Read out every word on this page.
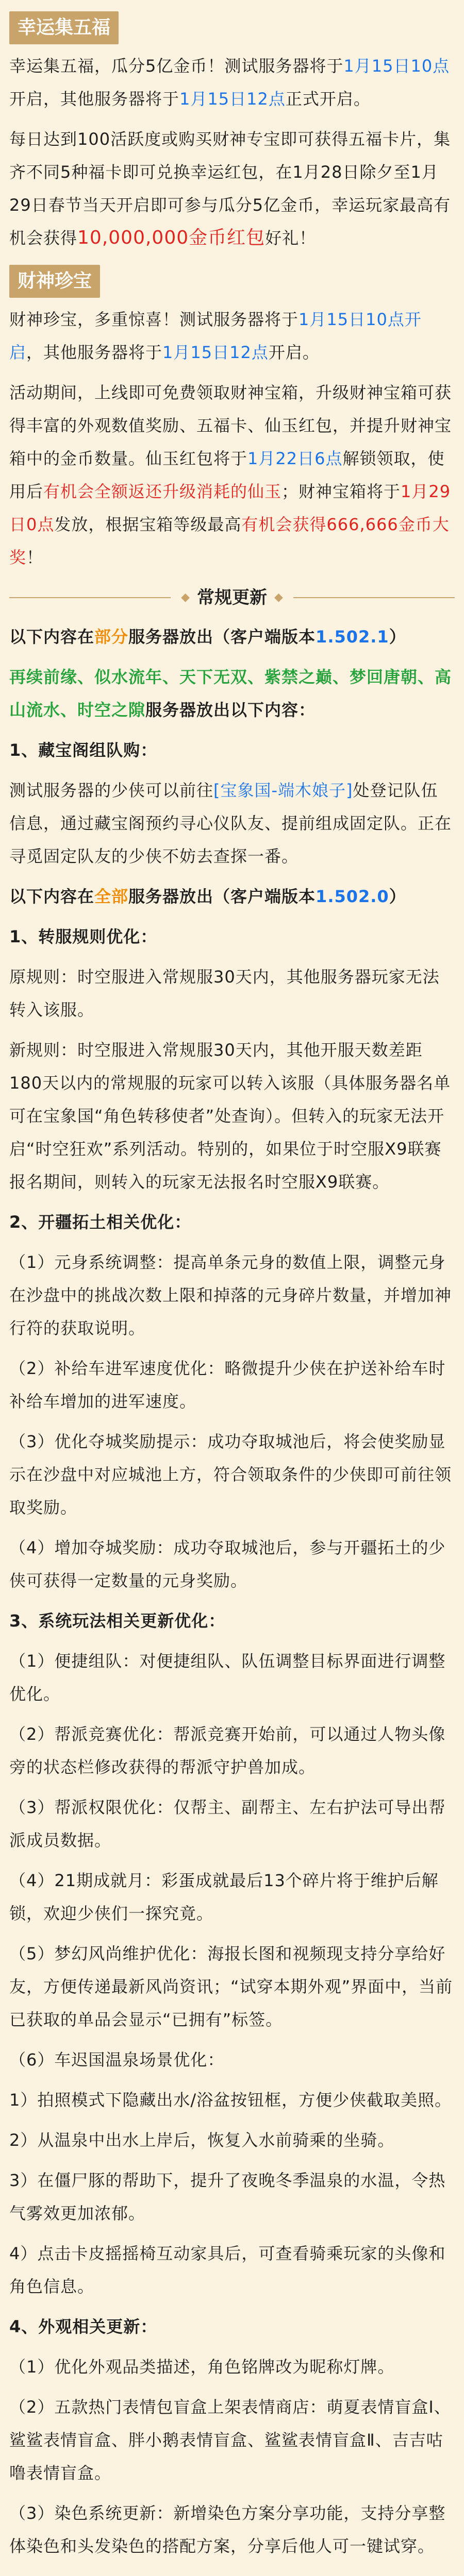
幸运集五福

幸运集五福，瓜分5亿金币！测试服务器将于1月15日10点开启，其他服务器将于1月15日12点正式开启。

每日达到100活跃度或购买财神专宝即可获得五福卡片，集齐不同5种福卡即可兑换幸运红包，在1月28日除夕至1月29日春节当天开启即可参与瓜分5亿金币，幸运玩家最高有机会获得10,000,000金币红包好礼！

财神珍宝

财神珍宝，多重惊喜！测试服务器将于1月15日10点开启，其他服务器将于1月15日12点开启。

活动期间，上线即可免费领取财神宝箱，升级财神宝箱可获得丰富的外观数值奖励、五福卡、仙玉红包，并提升财神宝箱中的金币数量。仙玉红包将于1月22日6点解锁领取，使用后有机会全额返还升级消耗的仙玉；财神宝箱将于1月29日0点发放，根据宝箱等级最高有机会获得666,666金币大奖！

◆ 常规更新 ◆

以下内容在部分服务器放出（客户端版本1.502.1）

再续前缘、似水流年、天下无双、紫禁之巅、梦回唐朝、高山流水、时空之隙服务器放出以下内容：

1、藏宝阁组队购：

测试服务器的少侠可以前往[宝象国-端木娘子]处登记队伍信息，通过藏宝阁预约寻心仪队友、提前组成固定队。正在寻觅固定队友的少侠不妨去查探一番。

以下内容在全部服务器放出（客户端版本1.502.0）

1、转服规则优化：

原规则：时空服进入常规服30天内，其他服务器玩家无法转入该服。

新规则：时空服进入常规服30天内，其他开服天数差距180天以内的常规服的玩家可以转入该服（具体服务器名单可在宝象国“角色转移使者”处查询）。但转入的玩家无法开启“时空狂欢”系列活动。特别的，如果位于时空服X9联赛报名期间，则转入的玩家无法报名时空服X9联赛。

2、开疆拓土相关优化：

（1）元身系统调整：提高单条元身的数值上限，调整元身在沙盘中的挑战次数上限和掉落的元身碎片数量，并增加神行符的获取说明。

（2）补给车进军速度优化：略微提升少侠在护送补给车时补给车增加的进军速度。

（3）优化夺城奖励提示：成功夺取城池后，将会使奖励显示在沙盘中对应城池上方，符合领取条件的少侠即可前往领取奖励。

（4）增加夺城奖励：成功夺取城池后，参与开疆拓土的少侠可获得一定数量的元身奖励。

3、系统玩法相关更新优化：

（1）便捷组队：对便捷组队、队伍调整目标界面进行调整优化。

（2）帮派竞赛优化：帮派竞赛开始前，可以通过人物头像旁的状态栏修改获得的帮派守护兽加成。

（3）帮派权限优化：仅帮主、副帮主、左右护法可导出帮派成员数据。

（4）21期成就月：彩蛋成就最后13个碎片将于维护后解锁，欢迎少侠们一探究竟。

（5）梦幻风尚维护优化：海报长图和视频现支持分享给好友，方便传递最新风尚资讯；“试穿本期外观”界面中，当前已获取的单品会显示“已拥有”标签。

（6）车迟国温泉场景优化：

1）拍照模式下隐藏出水/浴盆按钮框，方便少侠截取美照。

2）从温泉中出水上岸后，恢复入水前骑乘的坐骑。

3）在僵尸豚的帮助下，提升了夜晚冬季温泉的水温，令热气雾效更加浓郁。

4）点击卡皮摇摇椅互动家具后，可查看骑乘玩家的头像和角色信息。

4、外观相关更新：

（1）优化外观品类描述，角色铭牌改为昵称灯牌。

（2）五款热门表情包盲盒上架表情商店：萌夏表情盲盒Ⅰ、鲨鲨表情盲盒、胖小鹅表情盲盒、鲨鲨表情盲盒Ⅱ、吉吉咕噜表情盲盒。

（3）染色系统更新：新增染色方案分享功能，支持分享整体染色和头发染色的搭配方案，分享后他人可一键试穿。
